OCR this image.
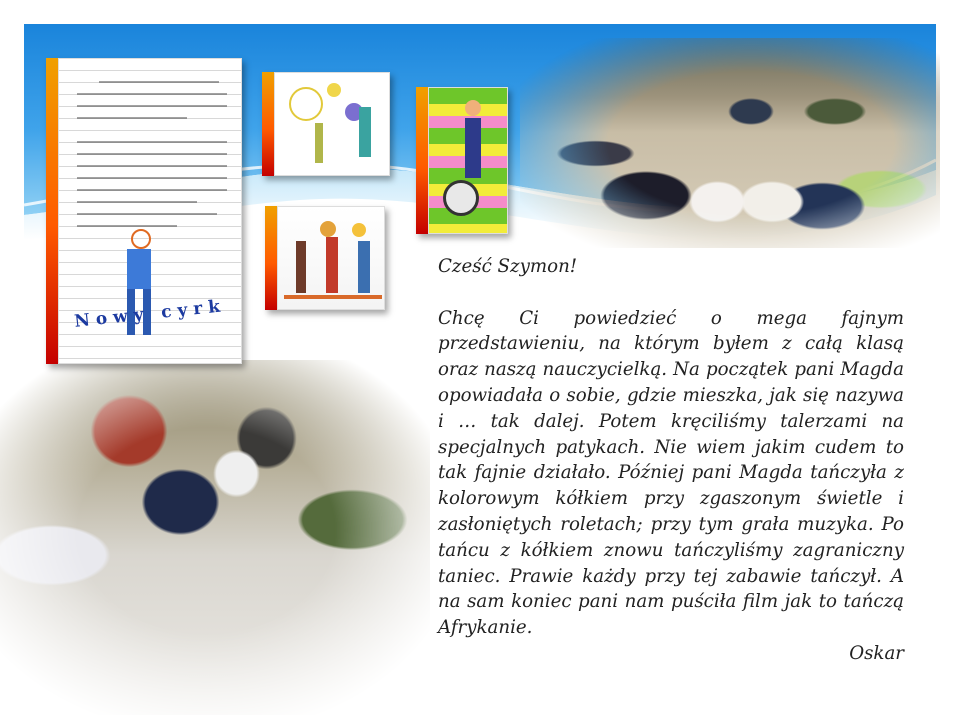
Nowy cyrk

Cześć Szymon!

Chcę Ci powiedzieć o mega fajnym przedstawieniu, na którym byłem z całą klasą oraz naszą nauczycielką. Na początek pani Magda opowiadała o sobie, gdzie mieszka, jak się nazywa i … tak dalej. Potem kręciliśmy talerzami na specjalnych patykach. Nie wiem jakim cudem to tak fajnie działało. Później pani Magda tańczyła z kolorowym kółkiem przy zgaszonym świetle i zasłoniętych roletach; przy tym grała muzyka. Po tańcu z kółkiem znowu tańczyliśmy zagraniczny taniec. Prawie każdy przy tej zabawie tańczył. A na sam koniec pani nam puściła film jak to tańczą Afrykanie.

Oskar
